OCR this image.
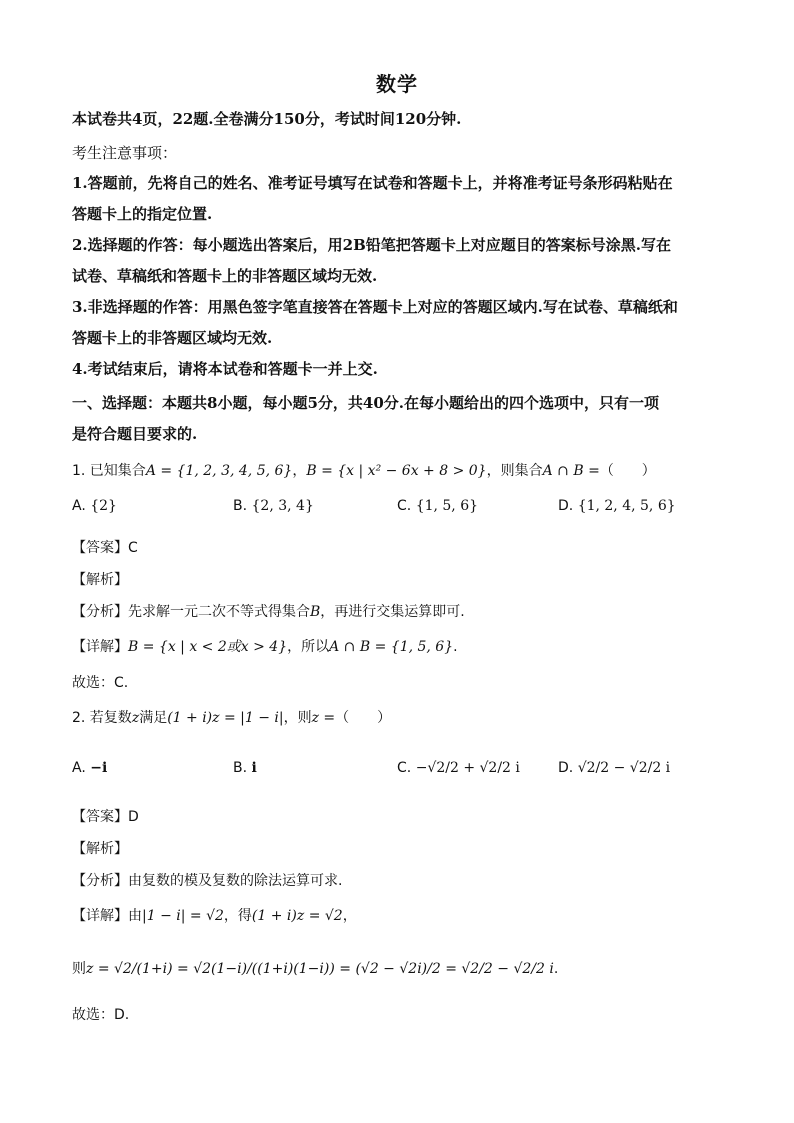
数学
本试卷共4页，22题.全卷满分150分，考试时间120分钟.
考生注意事项：
1.答题前，先将自己的姓名、准考证号填写在试卷和答题卡上，并将准考证号条形码粘贴在
答题卡上的指定位置.
2.选择题的作答：每小题选出答案后，用2B铅笔把答题卡上对应题目的答案标号涂黑.写在
试卷、草稿纸和答题卡上的非答题区域均无效.
3.非选择题的作答：用黑色签字笔直接答在答题卡上对应的答题区域内.写在试卷、草稿纸和
答题卡上的非答题区域均无效.
4.考试结束后，请将本试卷和答题卡一并上交.
一、选择题：本题共8小题，每小题5分，共40分.在每小题给出的四个选项中，只有一项
是符合题目要求的.
1. 已知集合A = {1, 2, 3, 4, 5, 6}，B = {x | x² − 6x + 8 > 0}，则集合A ∩ B =（　　）
A. {2}	B. {2, 3, 4}	C. {1, 5, 6}	D. {1, 2, 4, 5, 6}
【答案】C
【解析】
【分析】先求解一元二次不等式得集合B，再进行交集运算即可.
【详解】B = {x | x < 2或x > 4}，所以A ∩ B = {1, 5, 6}.
故选：C.
2. 若复数z满足(1 + i)z = |1 − i|，则z =（　　）
A. −i	B. i	C. −√2/2 + √2/2 i	D. √2/2 − √2/2 i
【答案】D
【解析】
【分析】由复数的模及复数的除法运算可求.
【详解】由|1 − i| = √2，得(1 + i)z = √2，
则z = √2/(1+i) = √2(1−i)/((1+i)(1−i)) = (√2 − √2i)/2 = √2/2 − √2/2 i.
故选：D.
